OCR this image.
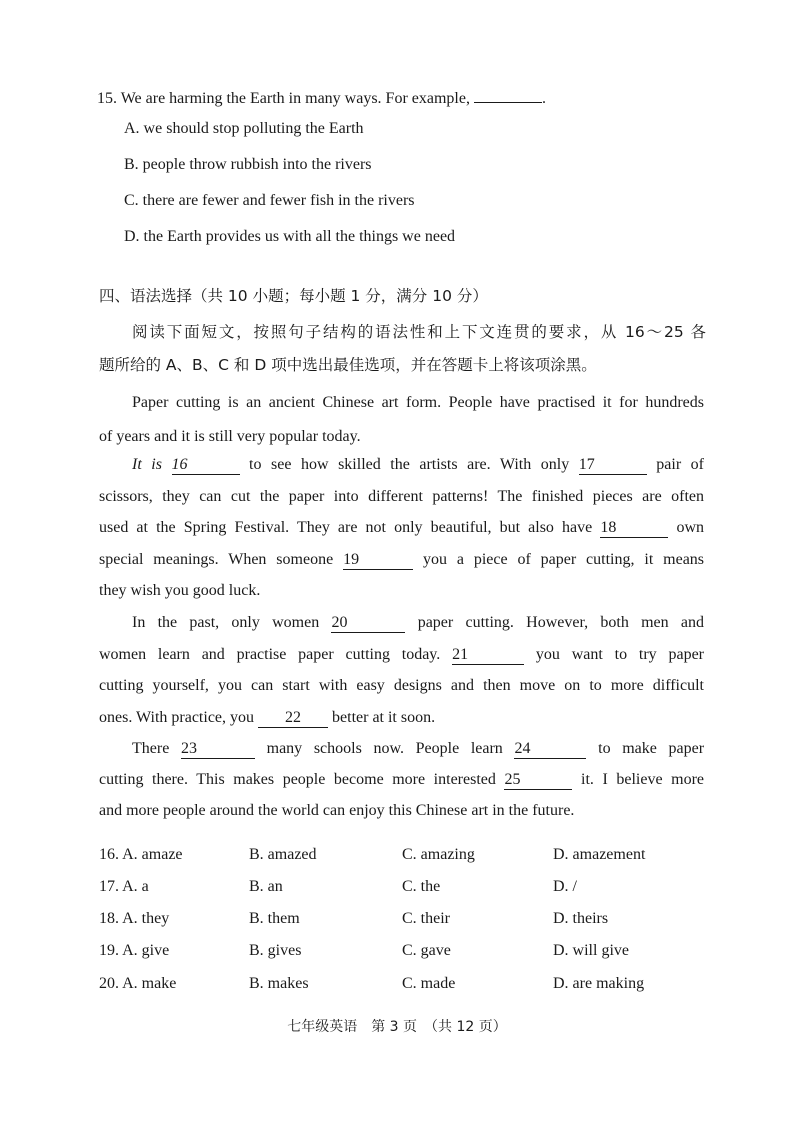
15. We are harming the Earth in many ways. For example,	.
A. we should stop polluting the Earth
B. people throw rubbish into the rivers
C. there are fewer and fewer fish in the rivers
D. the Earth provides us with all the things we need
四、语法选择（共 10 小题；每小题 1 分，满分 10 分）
阅读下面短文，按照句子结构的语法性和上下文连贯的要求，从 16～25 各
题所给的 A、B、C 和 D 项中选出最佳选项，并在答题卡上将该项涂黑。
Paper cutting is an ancient Chinese art form. People have practised it for hundreds
of years and it is still very popular today.
It is 16	to see how skilled the artists are. With only 17	pair of
scissors, they can cut the paper into different patterns! The finished pieces are often
used at the Spring Festival. They are not only beautiful, but also have 18	own
special meanings. When someone 19	you a piece of paper cutting, it means
they wish you good luck.
In the past, only women 20	paper cutting. However, both men and
women learn and practise paper cutting today. 21	you want to try paper
cutting yourself, you can start with easy designs and then move on to more difficult
ones. With practice, you 22 better at it soon.
There 23	many schools now. People learn 24	to make paper
cutting there. This makes people become more interested 25	it. I believe more
and more people around the world can enjoy this Chinese art in the future.
16. A. amaze	B. amazed	C. amazing	D. amazement
17. A. a	B. an	C. the	D. /
18. A. they	B. them	C. their	D. theirs
19. A. give	B. gives	C. gave	D. will give
20. A. make	B. makes	C. made	D. are making
七年级英语　第 3 页　（共 12 页）
